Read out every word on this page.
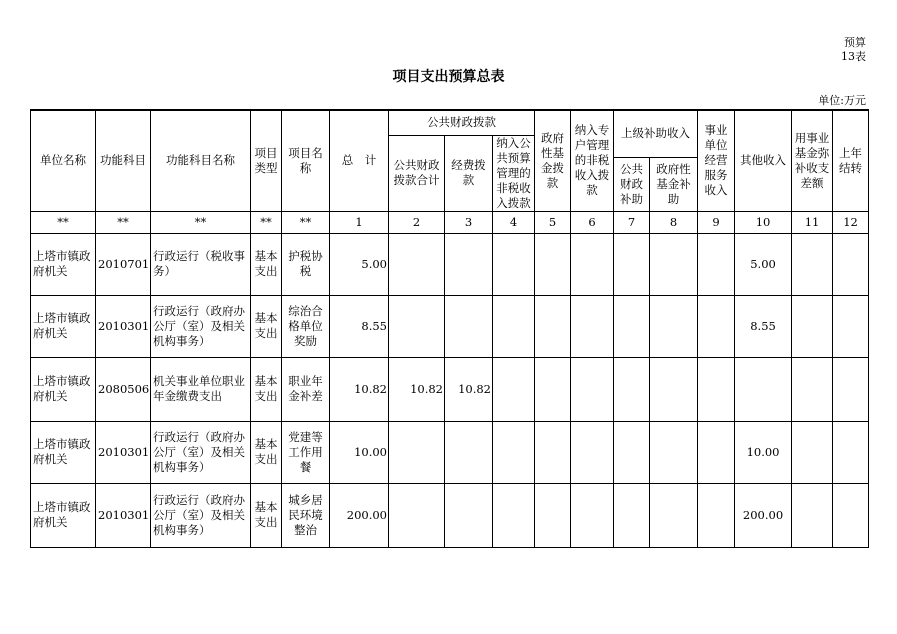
预算
13表
项目支出预算总表
单位:万元
单位名称	功能科目	功能科目名称	项目类型	项目名称	总　计	公共财政拨款			政府性基金拨款	纳入专户管理的非税收入拨款	上级补助收入		事业单位经营服务收入	其他收入	用事业基金弥补收支差额	上年结转
						公共财政拨款合计	经费拨款	纳入公共预算管理的非税收入拨款								
											公共财政补助	政府性基金补助				
**	**	**	**	**	1	2	3	4	5	6	7	8	9	10	11	12
上塔市镇政府机关	2010701	行政运行（税收事务）	基本支出	护税协税	5.00									5.00		
上塔市镇政府机关	2010301	行政运行（政府办公厅（室）及相关机构事务）	基本支出	综治合格单位奖励	8.55									8.55		
上塔市镇政府机关	2080506	机关事业单位职业年金缴费支出	基本支出	职业年金补差	10.82	10.82	10.82									
上塔市镇政府机关	2010301	行政运行（政府办公厅（室）及相关机构事务）	基本支出	党建等工作用餐	10.00									10.00		
上塔市镇政府机关	2010301	行政运行（政府办公厅（室）及相关机构事务）	基本支出	城乡居民环境整治	200.00									200.00		
